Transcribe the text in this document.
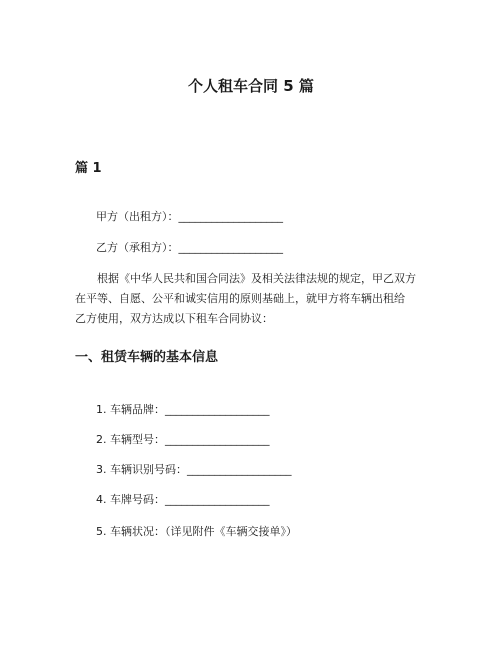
个人租车合同 5 篇
篇 1
甲方（出租方）：___________________
乙方（承租方）：___________________
根据《中华人民共和国合同法》及相关法律法规的规定，甲乙双方
在平等、自愿、公平和诚实信用的原则基础上，就甲方将车辆出租给
乙方使用，双方达成以下租车合同协议：
一、租赁车辆的基本信息
1. 车辆品牌：___________________
2. 车辆型号：___________________
3. 车辆识别号码：___________________
4. 车牌号码：___________________
5. 车辆状况：（详见附件《车辆交接单》）
